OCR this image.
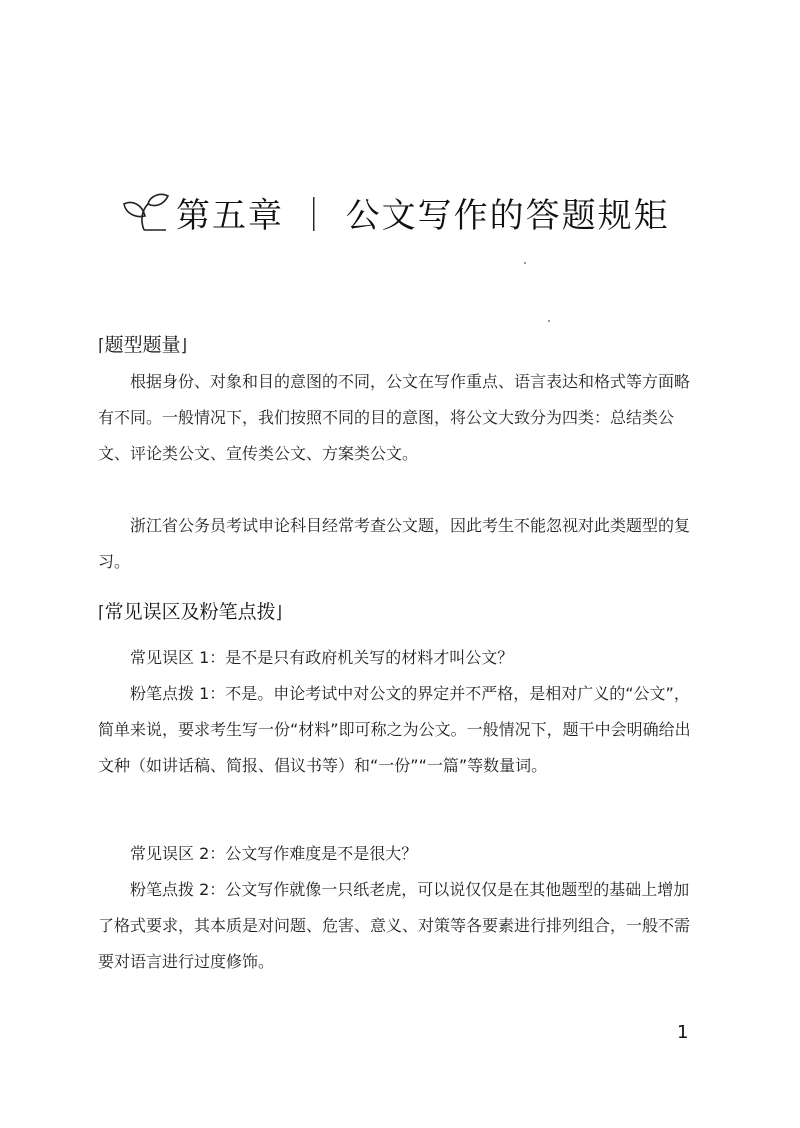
第五章 ｜ 公文写作的答题规矩
⌈题型题量⌋

根据身份、对象和目的意图的不同，公文在写作重点、语言表达和格式等方面略有不同。一般情况下，我们按照不同的目的意图，将公文大致分为四类：总结类公文、评论类公文、宣传类公文、方案类公文。

浙江省公务员考试申论科目经常考查公文题，因此考生不能忽视对此类题型的复习。

⌈常见误区及粉笔点拨⌋

常见误区 1：是不是只有政府机关写的材料才叫公文？

粉笔点拨 1：不是。申论考试中对公文的界定并不严格，是相对广义的“公文”，简单来说，要求考生写一份“材料”即可称之为公文。一般情况下，题干中会明确给出文种（如讲话稿、简报、倡议书等）和“一份”“一篇”等数量词。

常见误区 2：公文写作难度是不是很大？

粉笔点拨 2：公文写作就像一只纸老虎，可以说仅仅是在其他题型的基础上增加了格式要求，其本质是对问题、危害、意义、对策等各要素进行排列组合，一般不需要对语言进行过度修饰。

1
